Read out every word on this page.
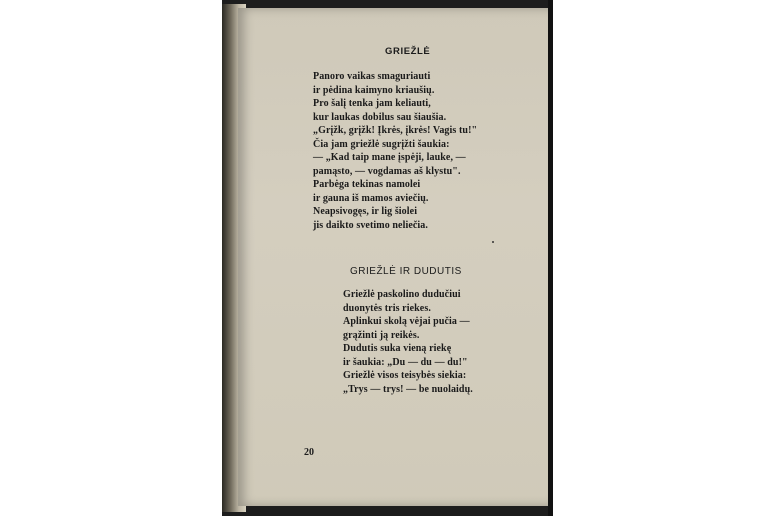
GRIEŽLĖ
Panoro vaikas smaguriauti
ir pėdina kaimyno kriaušių.
Pro šalį tenka jam keliauti,
kur laukas dobilus sau šiaušia.
„Grįžk, grįžk! Įkrės, įkrės! Vagis tu!"
Čia jam griežlė sugrįžti šaukia:
— „Kad taip mane įspėji, lauke, —
pamąsto, — vogdamas aš klystu".
Parbėga tekinas namolei
ir gauna iš mamos aviečių.
Neapsivogęs, ir lig šiolei
jis daikto svetimo neliečia.
GRIEŽLĖ IR DUDUTIS
Griežlė paskolino dudučiui
duonytės tris riekes.
Aplinkui skolą vėjai pučia —
grąžinti ją reikės.
Dudutis suka vieną riekę
ir šaukia: „Du — du — du!"
Griežlė visos teisybės siekia:
„Trys — trys! — be nuolaidų.
20
